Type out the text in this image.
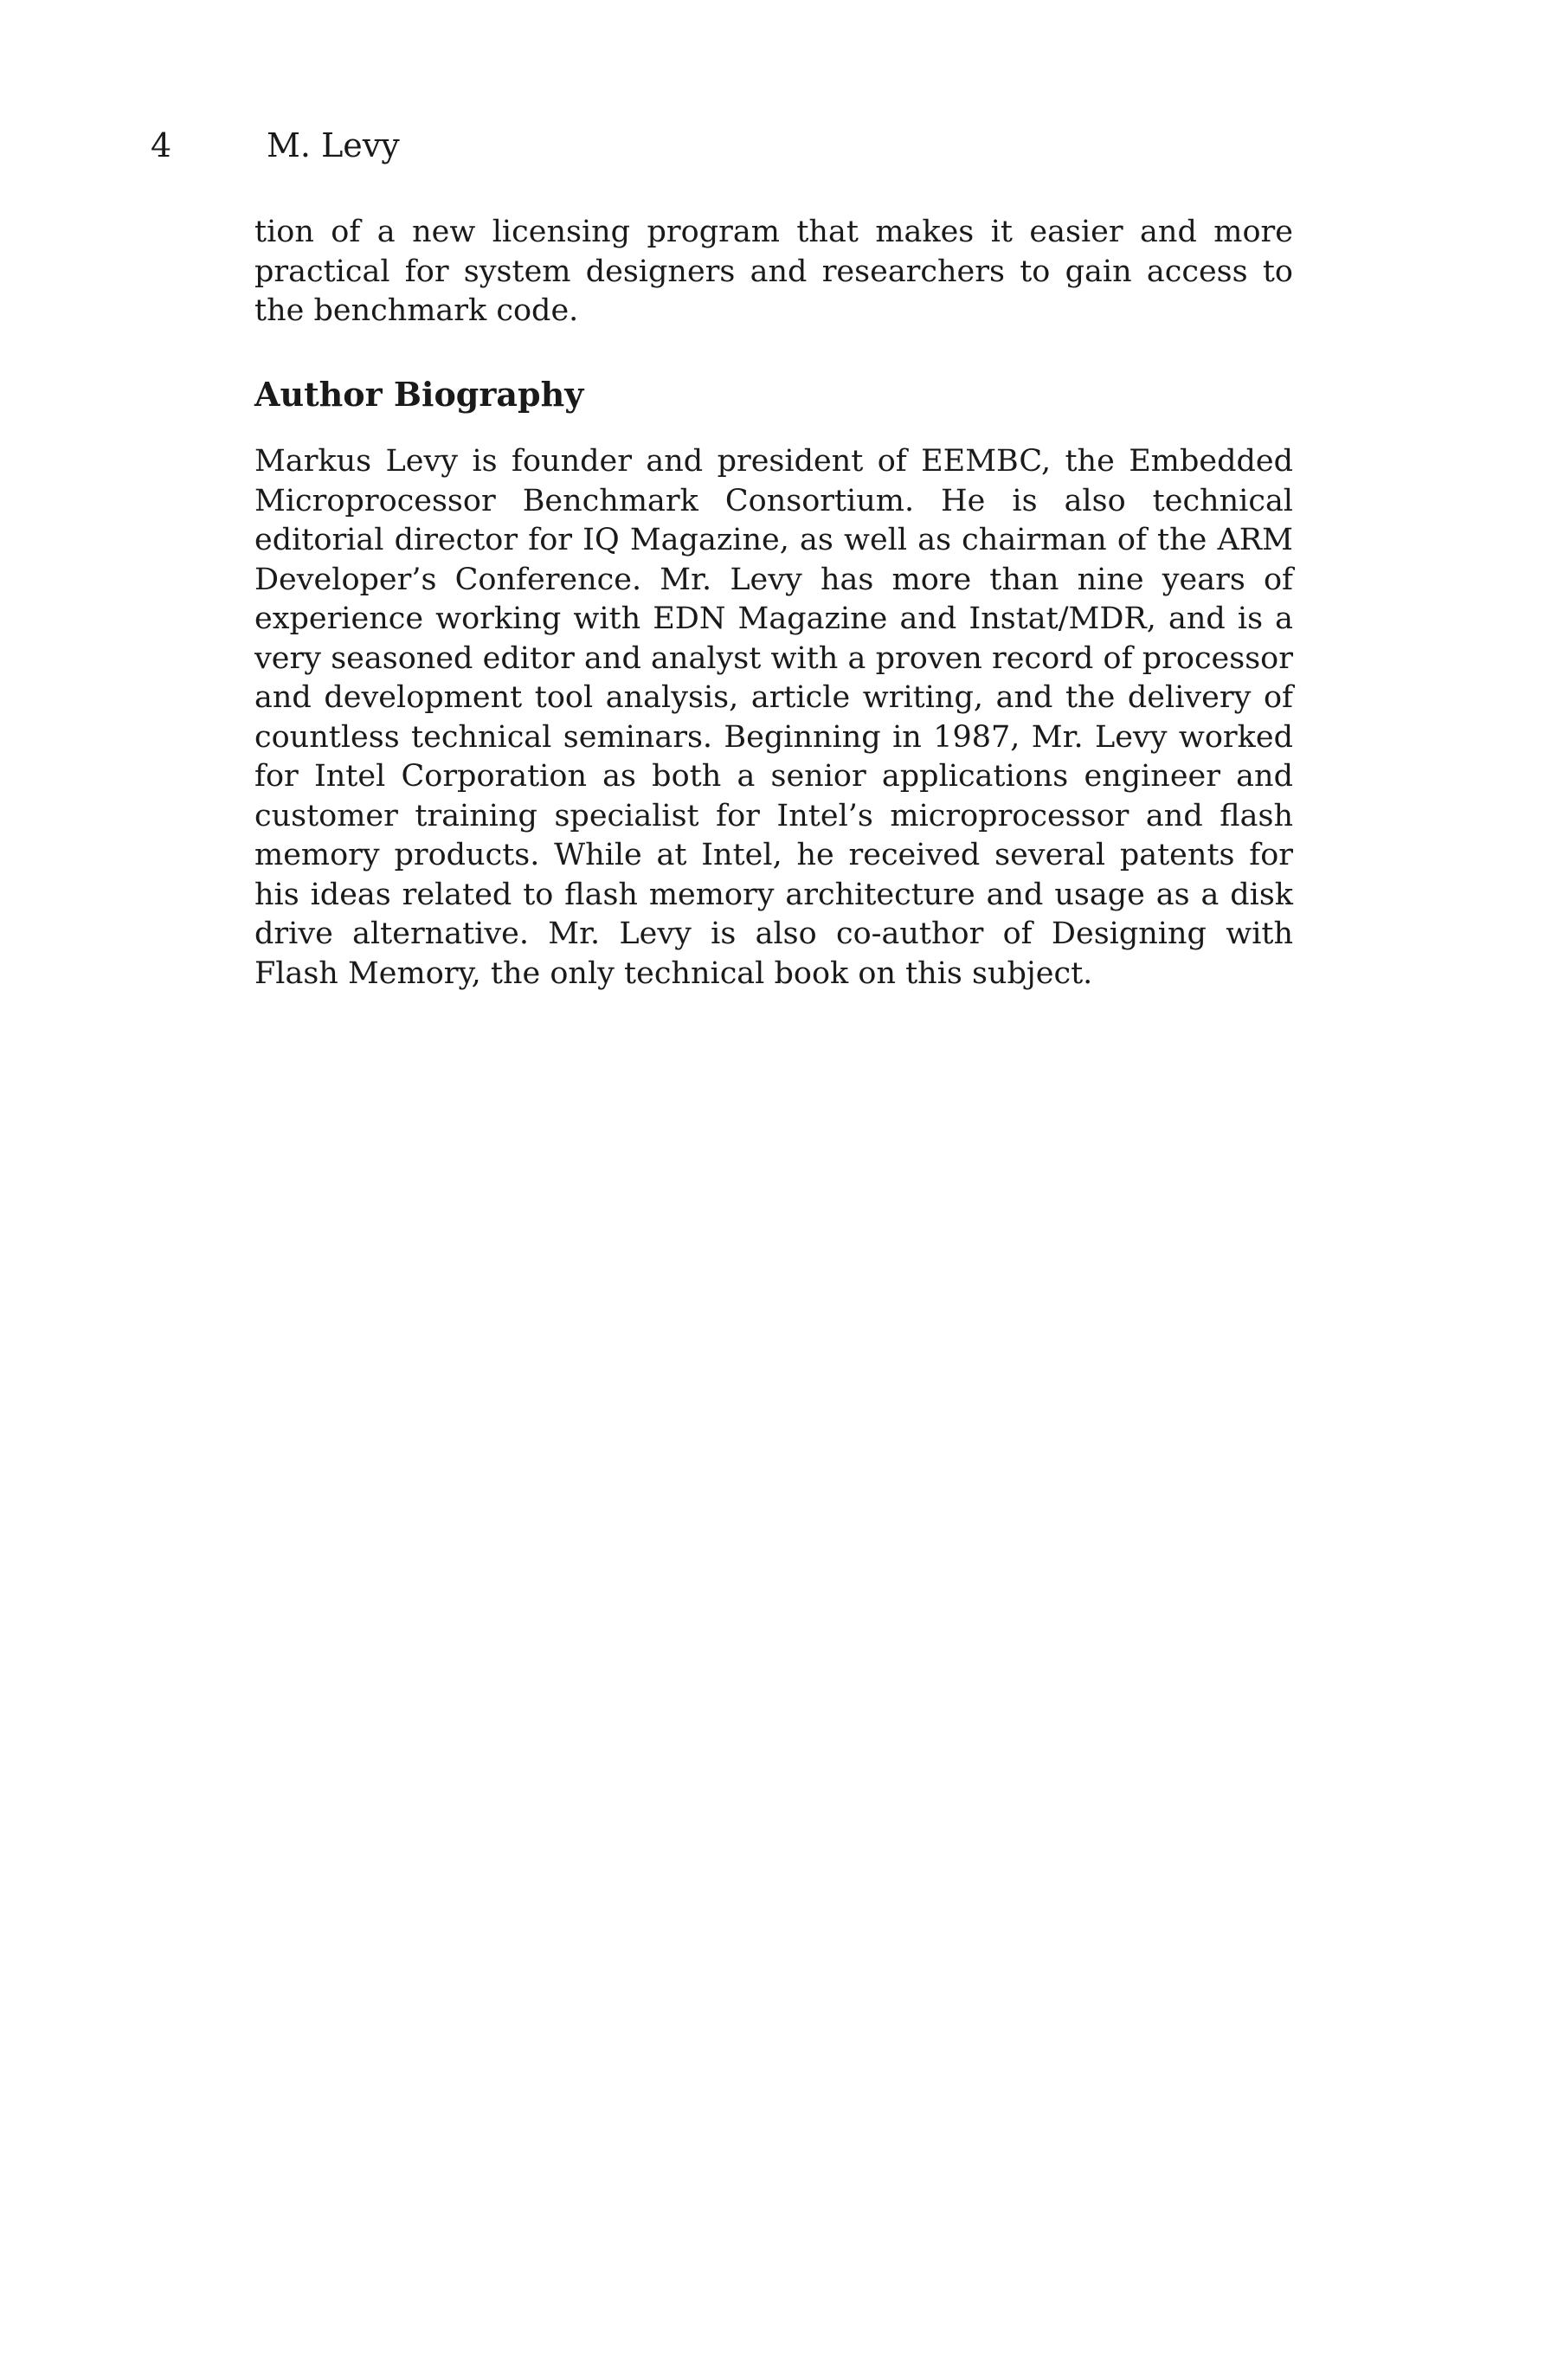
4	M. Levy

tion of a new licensing program that makes it easier and more practical for system designers and researchers to gain access to the benchmark code.

Author Biography

Markus Levy is founder and president of EEMBC, the Embedded Microprocessor Benchmark Consortium. He is also technical editorial director for IQ Magazine, as well as chairman of the ARM Developer’s Conference. Mr. Levy has more than nine years of experience working with EDN Magazine and Instat/MDR, and is a very seasoned editor and analyst with a proven record of processor and development tool analysis, article writing, and the delivery of countless technical seminars. Beginning in 1987, Mr. Levy worked for Intel Corporation as both a senior applications engineer and customer training specialist for Intel’s microprocessor and flash memory products. While at Intel, he received several patents for his ideas related to flash memory architecture and usage as a disk drive alternative. Mr. Levy is also co-author of Designing with Flash Memory, the only technical book on this subject.
